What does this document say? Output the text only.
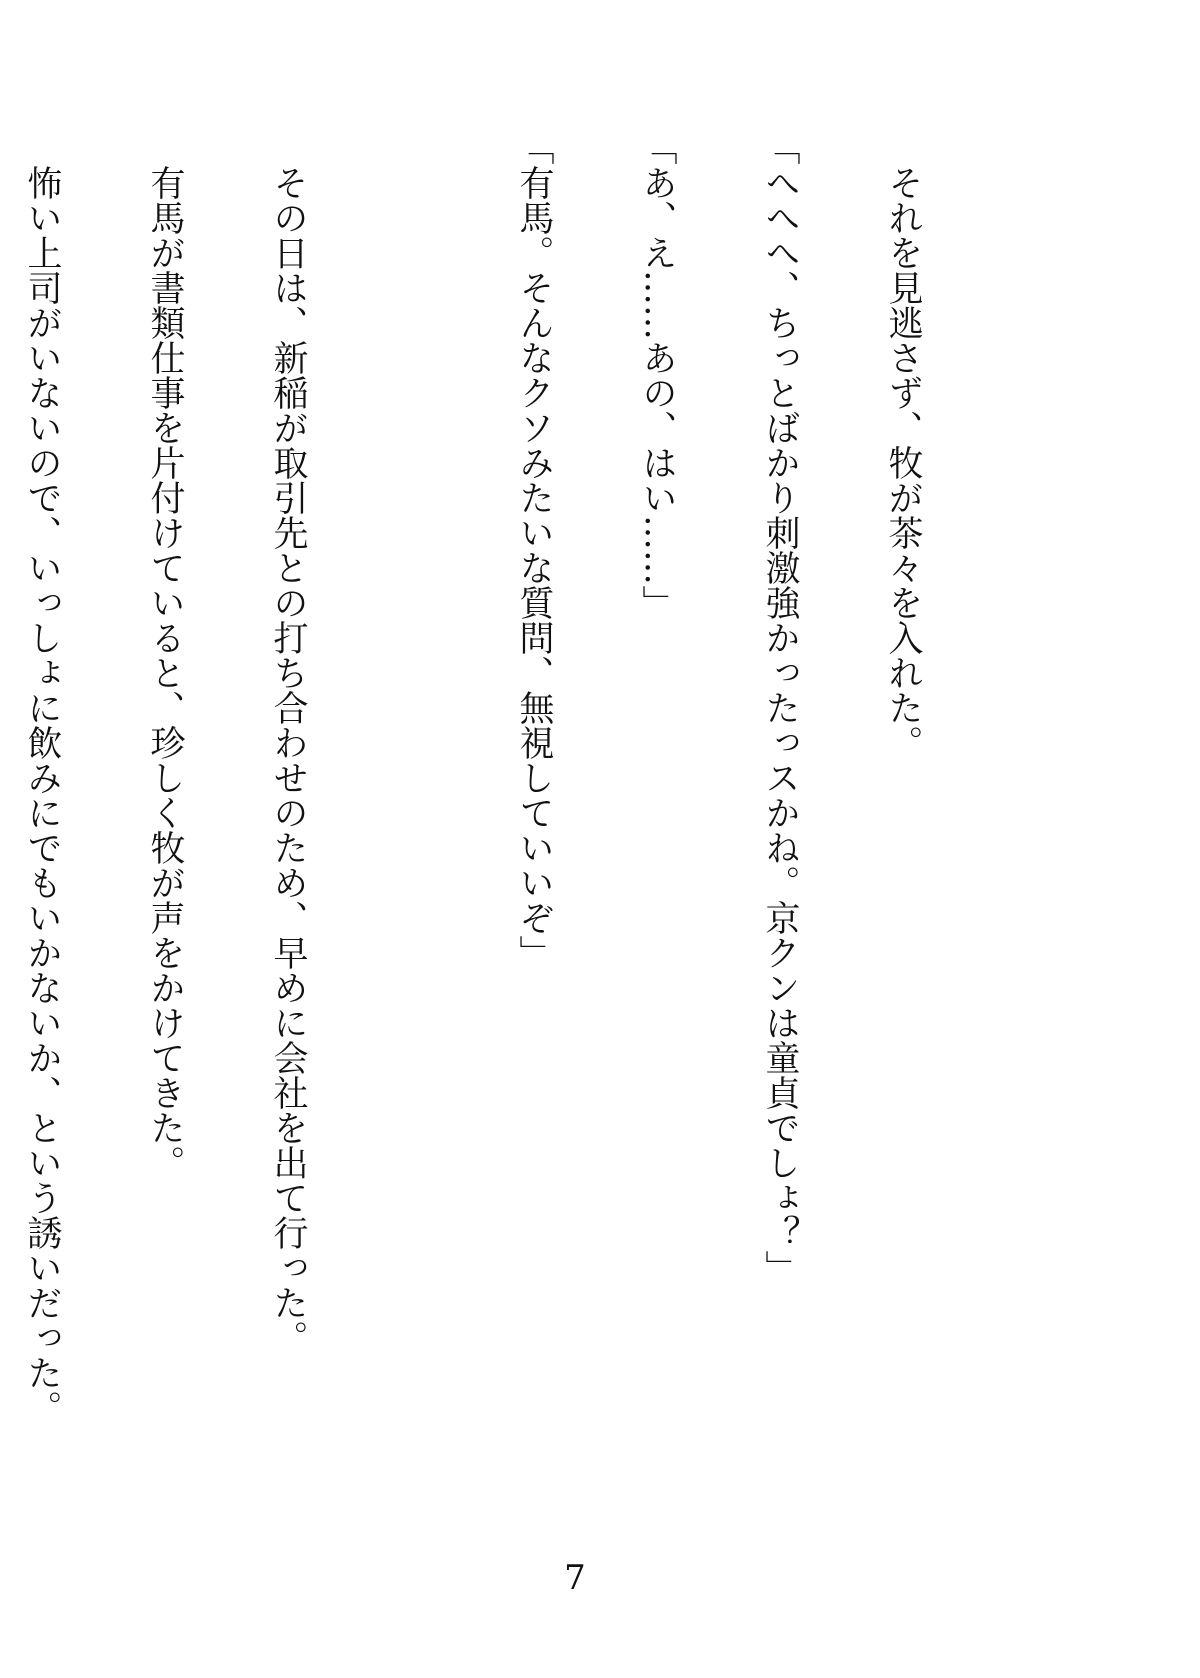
それを見逃さず、牧が茶々を入れた。

「へへへ、ちっとばかり刺激強かったっスかね。京クンは童貞でしょ？」

「あ、え……あの、はい……」

「有馬。そんなクソみたいな質問、無視していいぞ」

その日は、新稲が取引先との打ち合わせのため、早めに会社を出て行った。

有馬が書類仕事を片付けていると、珍しく牧が声をかけてきた。

怖い上司がいないので、いっしょに飲みにでもいかないか、という誘いだった。

7
